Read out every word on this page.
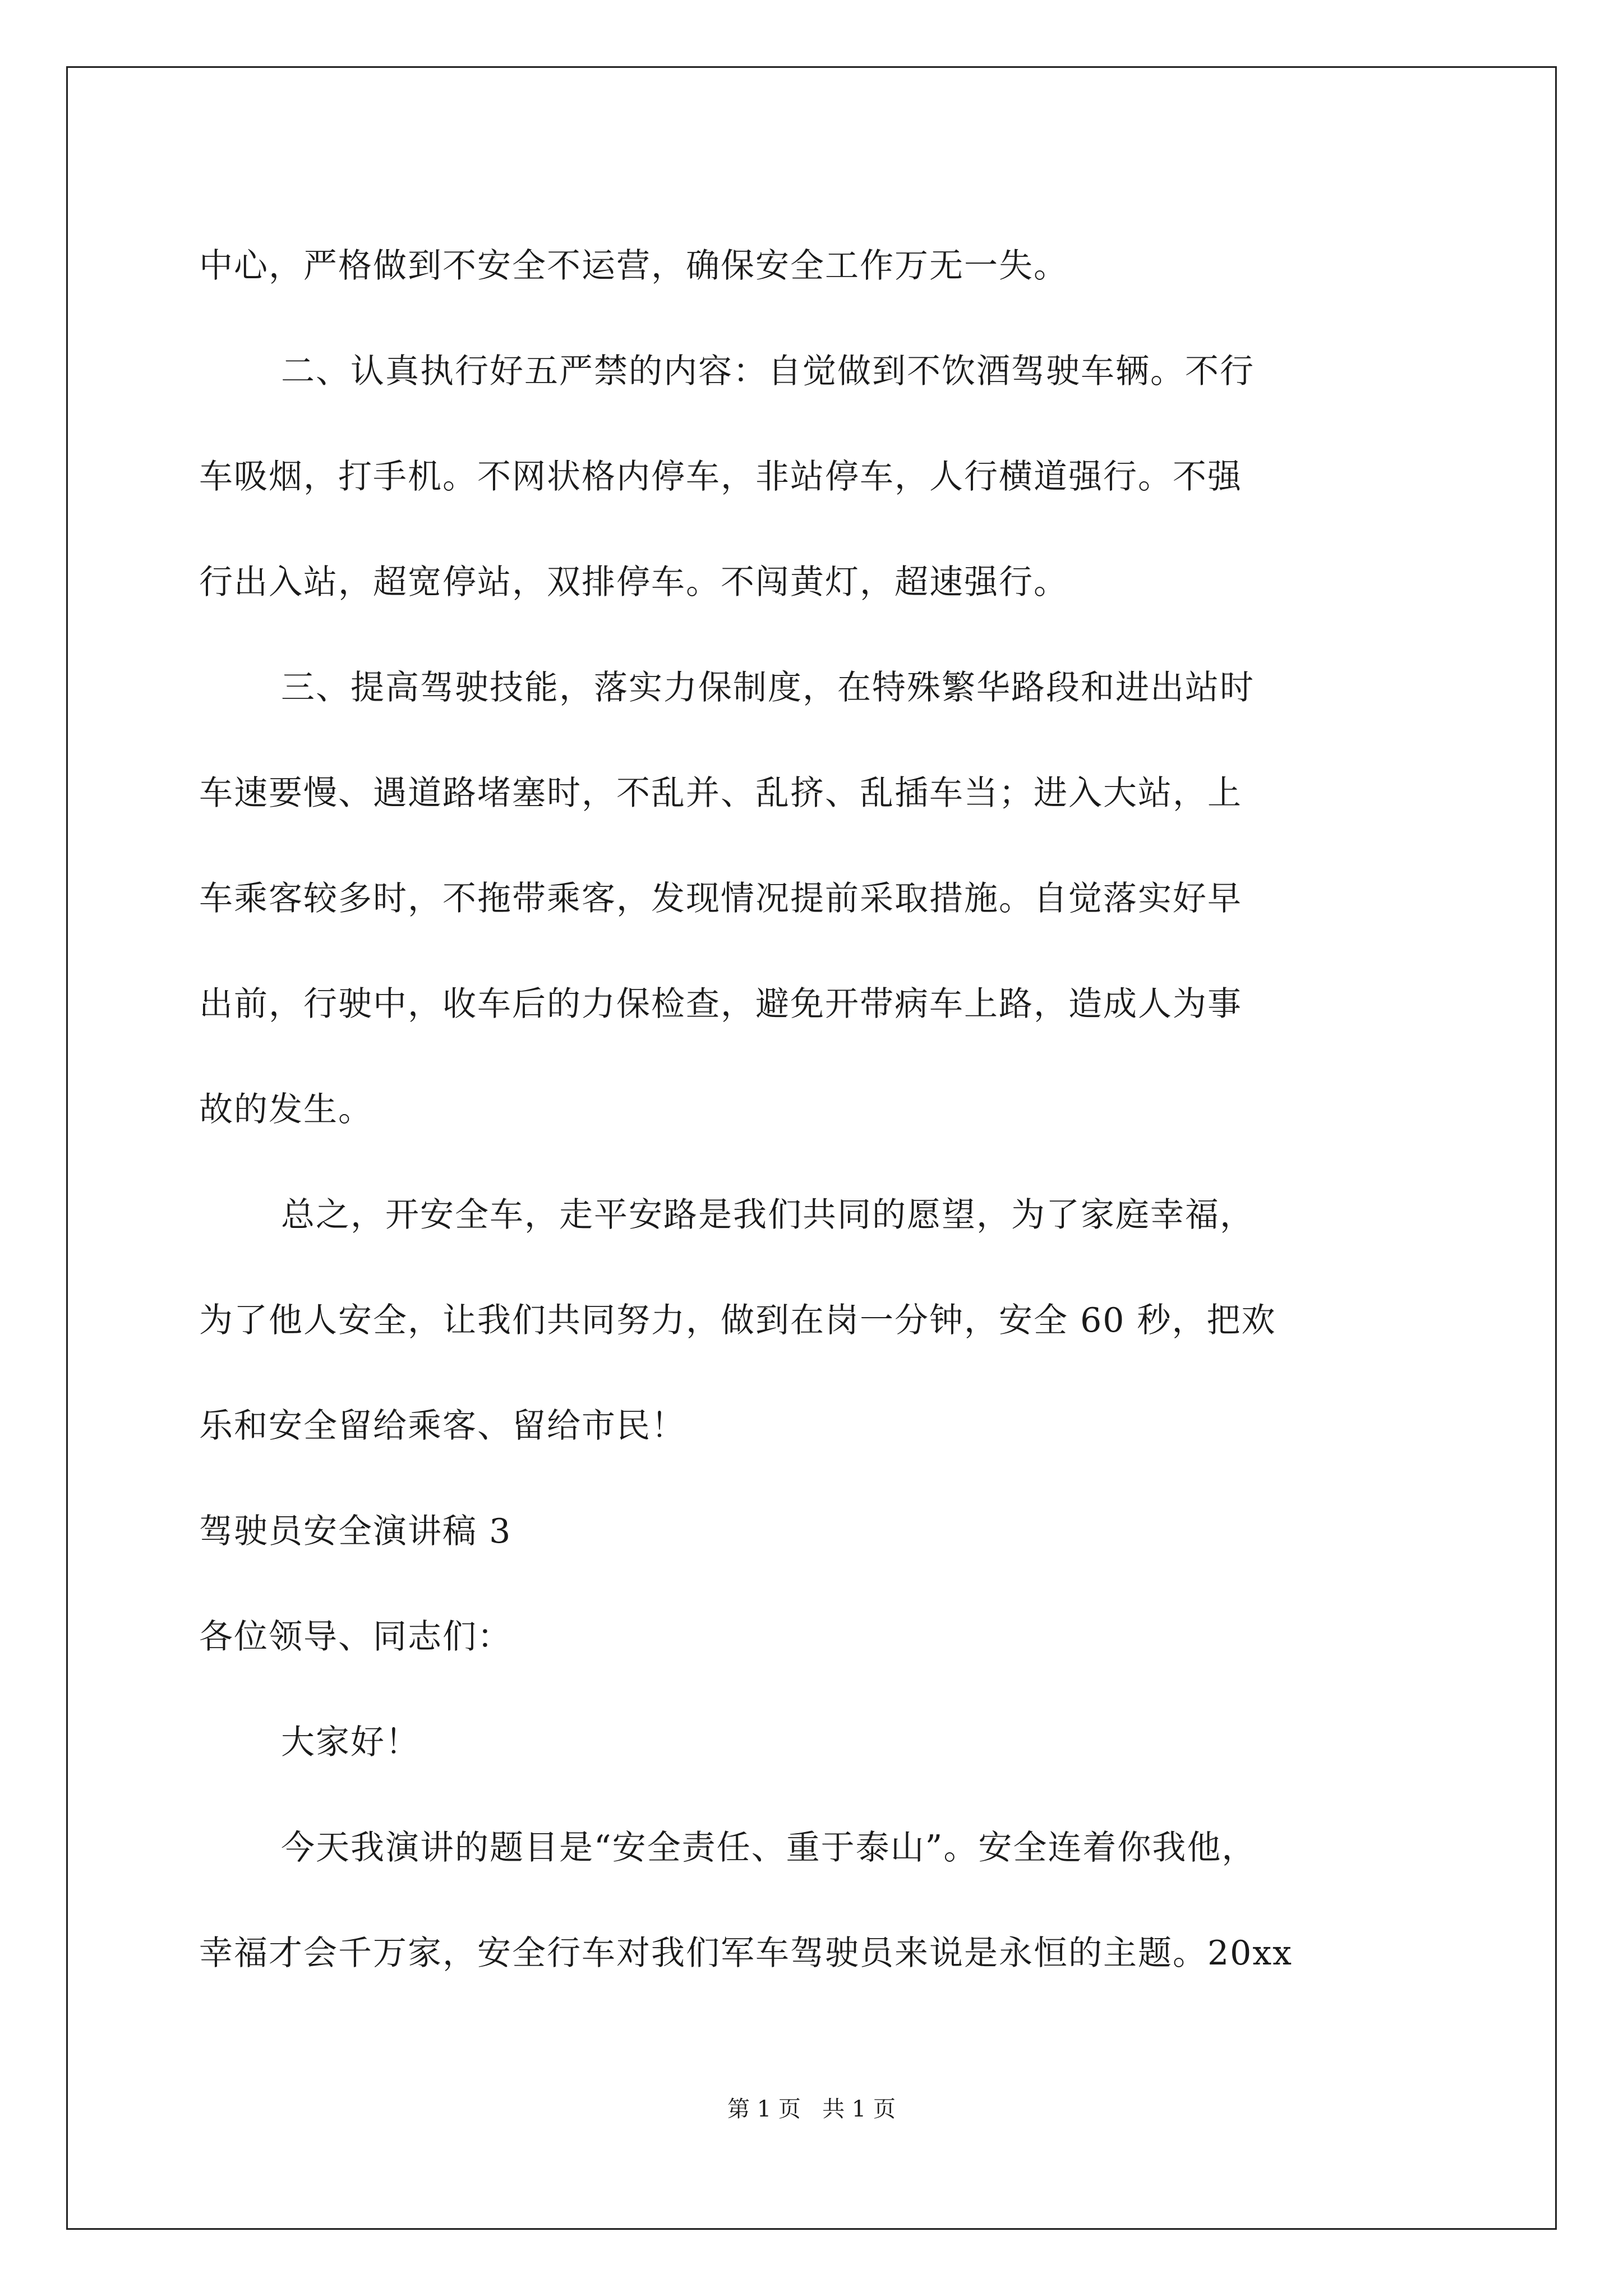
中心，严格做到不安全不运营，确保安全工作万无一失。
二、认真执行好五严禁的内容：自觉做到不饮酒驾驶车辆。不行
车吸烟，打手机。不网状格内停车，非站停车，人行横道强行。不强
行出入站，超宽停站，双排停车。不闯黄灯，超速强行。
三、提高驾驶技能，落实力保制度，在特殊繁华路段和进出站时
车速要慢、遇道路堵塞时，不乱并、乱挤、乱插车当；进入大站，上
车乘客较多时，不拖带乘客，发现情况提前采取措施。自觉落实好早
出前，行驶中，收车后的力保检查，避免开带病车上路，造成人为事
故的发生。
总之，开安全车，走平安路是我们共同的愿望，为了家庭幸福，
为了他人安全，让我们共同努力，做到在岗一分钟，安全 60 秒，把欢
乐和安全留给乘客、留给市民！
驾驶员安全演讲稿 3
各位领导、同志们：
大家好！
今天我演讲的题目是“安全责任、重于泰山”。安全连着你我他，
幸福才会千万家，安全行车对我们军车驾驶员来说是永恒的主题。20xx
第 1 页   共 1 页
